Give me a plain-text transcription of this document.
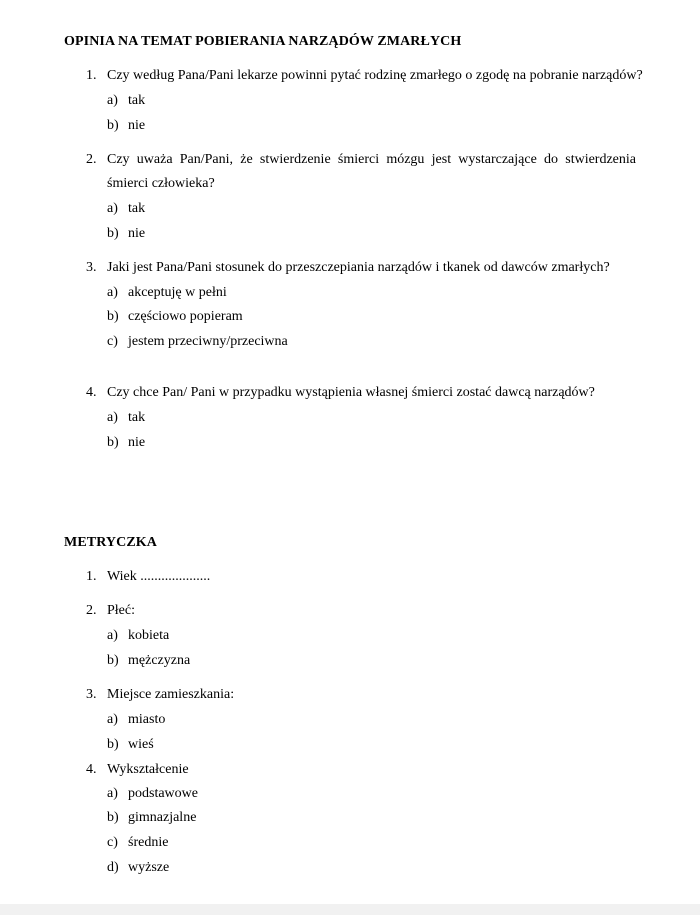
OPINIA NA TEMAT POBIERANIA NARZĄDÓW ZMARŁYCH
1. Czy według Pana/Pani lekarze powinni pytać rodzinę zmarłego o zgodę na pobranie narządów?
a) tak
b) nie
2. Czy uważa Pan/Pani, że stwierdzenie śmierci mózgu jest wystarczające do stwierdzenia
śmierci człowieka?
a) tak
b) nie
3. Jaki jest Pana/Pani stosunek do przeszczepiania narządów i tkanek od dawców zmarłych?
a) akceptuję w pełni
b) częściowo popieram
c) jestem przeciwny/przeciwna
4. Czy chce Pan/ Pani w przypadku wystąpienia własnej śmierci zostać dawcą narządów?
a) tak
b) nie
METRYCZKA
1. Wiek ....................
2. Płeć:
a) kobieta
b) mężczyzna
3. Miejsce zamieszkania:
a) miasto
b) wieś
4. Wykształcenie
a) podstawowe
b) gimnazjalne
c) średnie
d) wyższe
